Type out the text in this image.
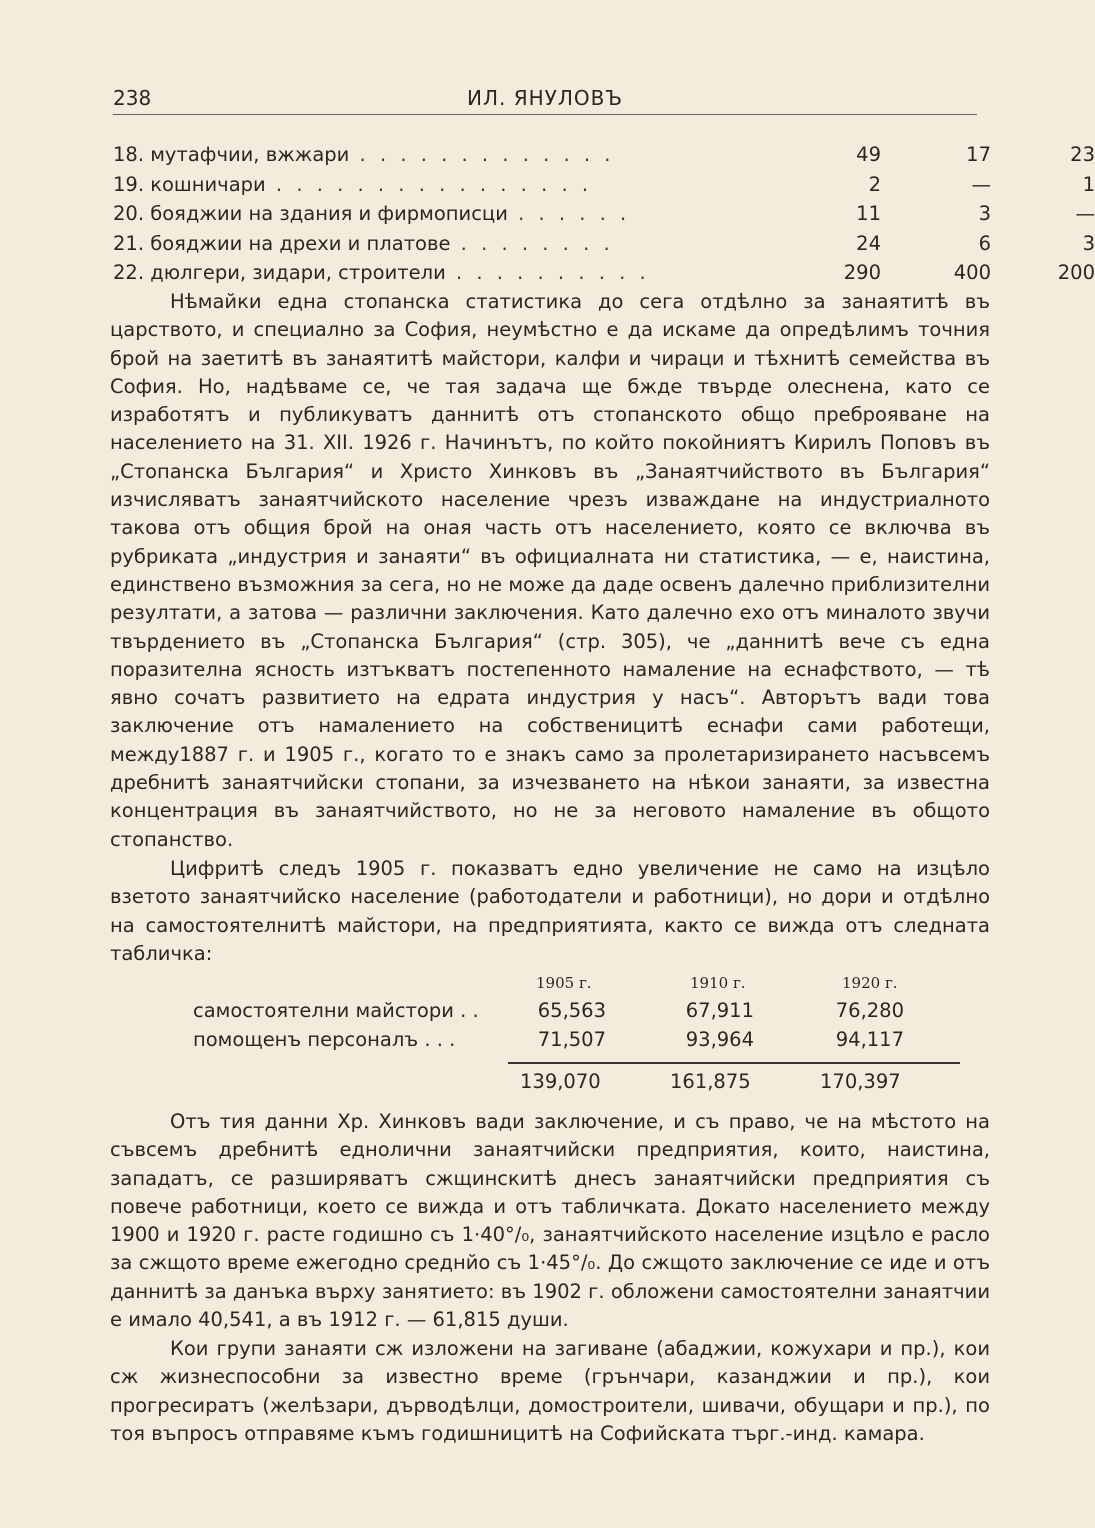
238	ИЛ. ЯНУЛОВЪ
18. мутафчии, вжжари . . . . . . . . . . . . .	49	17	23
19. кошничари . . . . . . . . . . . . . . . .	2	—	1
20. бояджии на здания и фирмописци . . . . . .	11	3	—
21. бояджии на дрехи и платове . . . . . . . .	24	6	3
22. дюлгери, зидари, строители . . . . . . . . . .	290	400	200

Нѣмайки една стопанска статистика до сега отдѣлно за занаятитѣ въ царството, и специално за София, неумѣстно е да искаме да опредѣлимъ точния брой на заетитѣ въ занаятитѣ майстори, калфи и чираци и тѣхнитѣ семейства въ София. Но, надѣваме се, че тая задача ще бжде твърде олеснена, като се изработятъ и публикуватъ даннитѣ отъ стопанското общо преброяване на населението на 31. XII. 1926 г. Начинътъ, по който покойниятъ Кирилъ Поповъ въ „Стопанска България“ и Христо Хинковъ въ „Занаятчийството въ България“ изчисляватъ занаятчийското население чрезъ изваждане на индустриалното такова отъ общия брой на оная часть отъ населението, която се включва въ рубриката „индустрия и занаяти“ въ официалната ни статистика, — е, наистина, единствено възможния за сега, но не може да даде освенъ далечно приблизителни резултати, а затова — различни заключения. Като далечно ехо отъ миналото звучи твърдението въ „Стопанска България“ (стр. 305), че „даннитѣ вече съ една поразителна ясность изтъкватъ постепенното намаление на еснафството, — тѣ явно сочатъ развитието на едрата индустрия у насъ“. Авторътъ вади това заключение отъ намалението на собственицитѣ еснафи сами работещи, между1887 г. и 1905 г., когато то е знакъ само за пролетаризирането насъвсемъ дребнитѣ занаятчийски стопани, за изчезването на нѣкои занаяти, за известна концентрация въ занаятчийството, но не за неговото намаление въ общото стопанство.

Цифритѣ следъ 1905 г. показватъ едно увеличение не само на изцѣло взетото занаятчийско население (работодатели и работници), но дори и отдѣлно на самостоятелнитѣ майстори, на предприятията, както се вижда отъ следната табличка:

1905 г.	1910 г.	1920 г.
самостоятелни майстори . .	65,563	67,911	76,280
помощенъ персоналъ . . .	71,507	93,964	94,117
139,070	161,875	170,397

Отъ тия данни Хр. Хинковъ вади заключение, и съ право, че на мѣстото на съвсемъ дребнитѣ еднолични занаятчийски предприятия, които, наистина, западатъ, се разширяватъ сжщинскитѣ днесъ занаятчийски предприятия съ повече работници, което се вижда и отъ табличката. Докато населението между 1900 и 1920 г. расте годишно съ 1·40°/₀, занаятчийското население изцѣло е расло за сжщото време ежегодно среднйо съ 1·45°/₀. До сжщото заключение се иде и отъ даннитѣ за данъка върху занятието: въ 1902 г. обложени самостоятелни занаятчии е имало 40,541, а въ 1912 г. — 61,815 души.

Кои групи занаяти сж изложени на загиване (абаджии, кожухари и пр.), кои сж жизнеспособни за известно време (грънчари, казанджии и пр.), кои прогресиратъ (желѣзари, дърводѣлци, домостроители, шивачи, обущари и пр.), по тоя въпросъ отправяме къмъ годишницитѣ на Софийската търг.-инд. камара.
